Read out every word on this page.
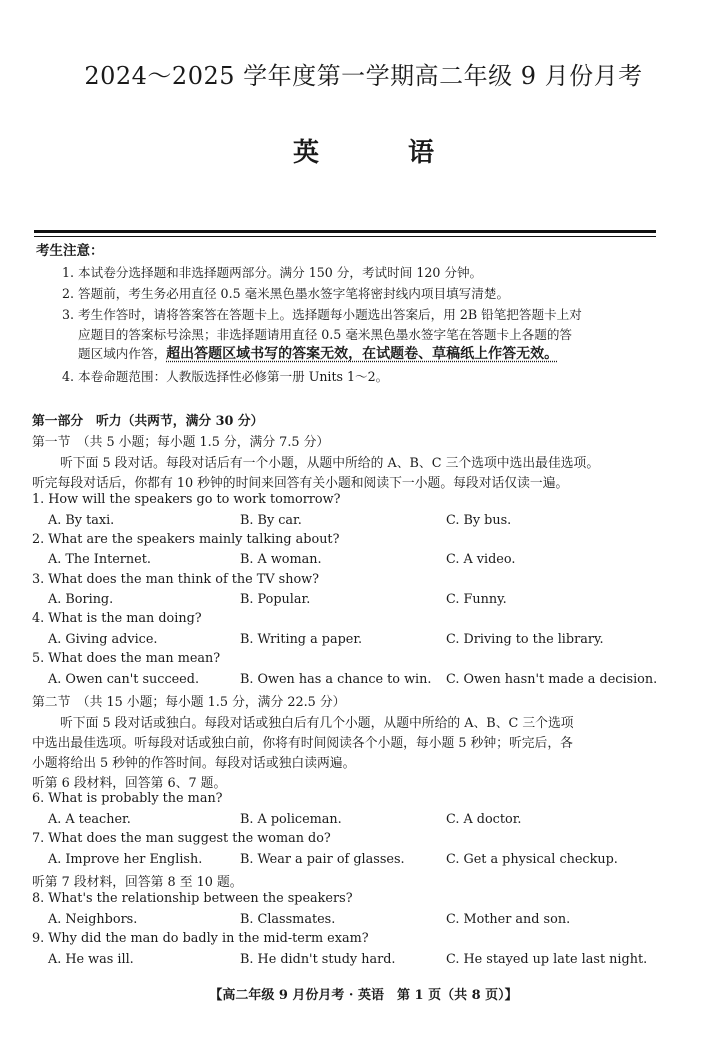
2024～2025 学年度第一学期高二年级 9 月份月考
英 语
考生注意：
1. 本试卷分选择题和非选择题两部分。满分 150 分，考试时间 120 分钟。
2. 答题前，考生务必用直径 0.5 毫米黑色墨水签字笔将密封线内项目填写清楚。
3. 考生作答时，请将答案答在答题卡上。选择题每小题选出答案后，用 2B 铅笔把答题卡上对
应题目的答案标号涂黑；非选择题请用直径 0.5 毫米黑色墨水签字笔在答题卡上各题的答
题区域内作答，超出答题区域书写的答案无效，在试题卷、草稿纸上作答无效。
4. 本卷命题范围：人教版选择性必修第一册 Units 1～2。
第一部分　听力（共两节，满分 30 分）
第一节　（共 5 小题；每小题 1.5 分，满分 7.5 分）
听下面 5 段对话。每段对话后有一个小题，从题中所给的 A、B、C 三个选项中选出最佳选项。
听完每段对话后，你都有 10 秒钟的时间来回答有关小题和阅读下一小题。每段对话仅读一遍。
1. How will the speakers go to work tomorrow?
A. By taxi.	B. By car.	C. By bus.
2. What are the speakers mainly talking about?
A. The Internet.	B. A woman.	C. A video.
3. What does the man think of the TV show?
A. Boring.	B. Popular.	C. Funny.
4. What is the man doing?
A. Giving advice.	B. Writing a paper.	C. Driving to the library.
5. What does the man mean?
A. Owen can't succeed.	B. Owen has a chance to win. C. Owen hasn't made a decision.
第二节　（共 15 小题；每小题 1.5 分，满分 22.5 分）
听下面 5 段对话或独白。每段对话或独白后有几个小题，从题中所给的 A、B、C 三个选项
中选出最佳选项。听每段对话或独白前，你将有时间阅读各个小题，每小题 5 秒钟；听完后，各
小题将给出 5 秒钟的作答时间。每段对话或独白读两遍。
听第 6 段材料，回答第 6、7 题。
6. What is probably the man?
A. A teacher.	B. A policeman.	C. A doctor.
7. What does the man suggest the woman do?
A. Improve her English.	B. Wear a pair of glasses.	C. Get a physical checkup.
听第 7 段材料，回答第 8 至 10 题。
8. What's the relationship between the speakers?
A. Neighbors.	B. Classmates.	C. Mother and son.
9. Why did the man do badly in the mid-term exam?
A. He was ill.	B. He didn't study hard.	C. He stayed up late last night.
【高二年级 9 月份月考 · 英语　第 1 页（共 8 页）】
